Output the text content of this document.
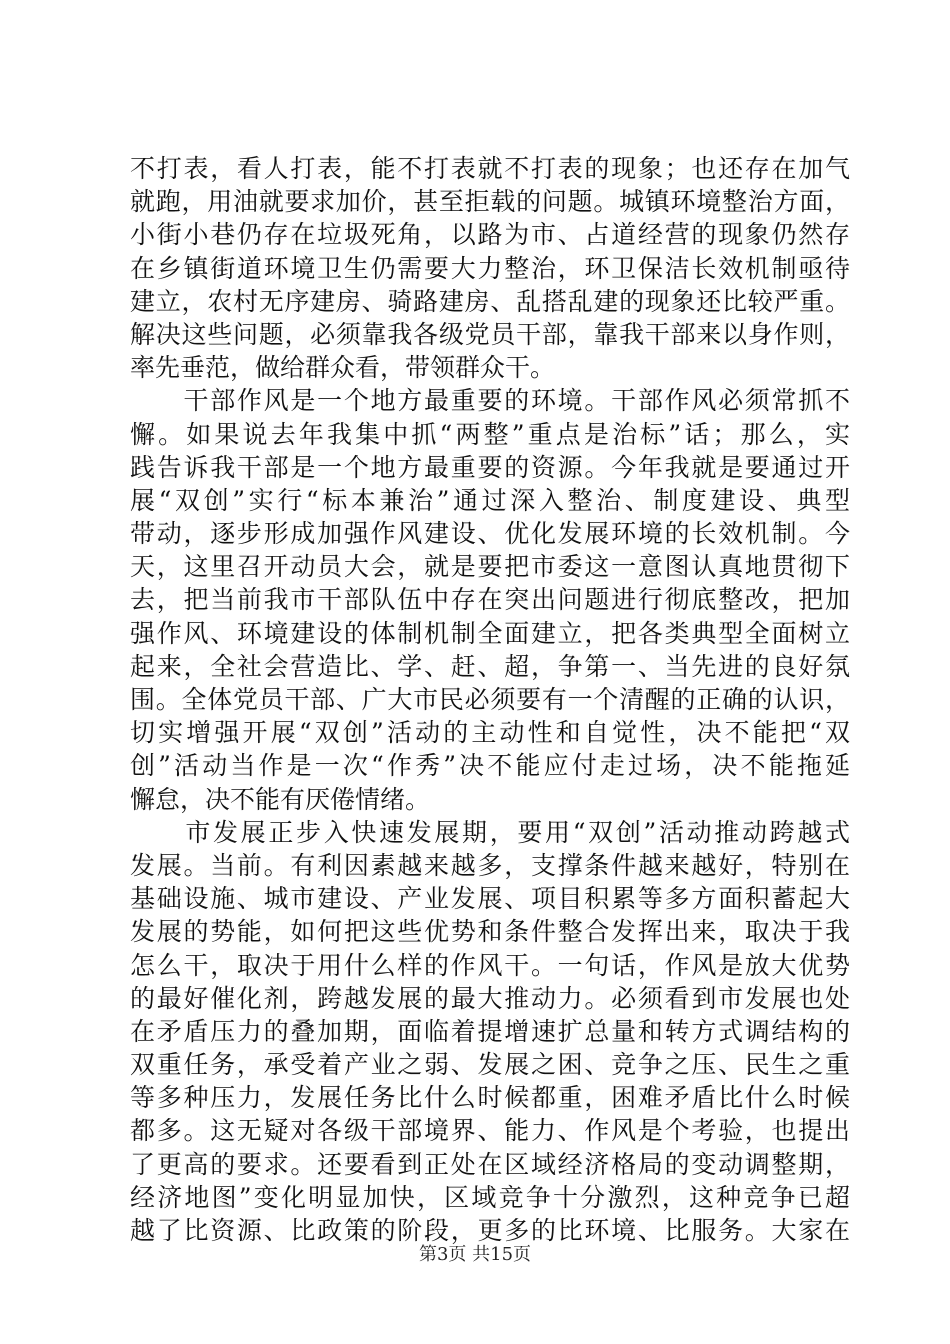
不打表，看人打表，能不打表就不打表的现象；也还存在加气
就跑，用油就要求加价，甚至拒载的问题。城镇环境整治方面，
小街小巷仍存在垃圾死角，以路为市、占道经营的现象仍然存
在乡镇街道环境卫生仍需要大力整治，环卫保洁长效机制亟待
建立，农村无序建房、骑路建房、乱搭乱建的现象还比较严重。
解决这些问题，必须靠我各级党员干部，靠我干部来以身作则，
率先垂范，做给群众看，带领群众干。
　　干部作风是一个地方最重要的环境。干部作风必须常抓不
懈。如果说去年我集中抓“两整”重点是治标”话；那么，实
践告诉我干部是一个地方最重要的资源。今年我就是要通过开
展“双创”实行“标本兼治”通过深入整治、制度建设、典型
带动，逐步形成加强作风建设、优化发展环境的长效机制。今
天，这里召开动员大会，就是要把市委这一意图认真地贯彻下
去，把当前我市干部队伍中存在突出问题进行彻底整改，把加
强作风、环境建设的体制机制全面建立，把各类典型全面树立
起来，全社会营造比、学、赶、超，争第一、当先进的良好氛
围。全体党员干部、广大市民必须要有一个清醒的正确的认识，
切实增强开展“双创”活动的主动性和自觉性，决不能把“双
创”活动当作是一次“作秀”决不能应付走过场，决不能拖延
懈怠，决不能有厌倦情绪。
　　市发展正步入快速发展期，要用“双创”活动推动跨越式
发展。当前。有利因素越来越多，支撑条件越来越好，特别在
基础设施、城市建设、产业发展、项目积累等多方面积蓄起大
发展的势能，如何把这些优势和条件整合发挥出来，取决于我
怎么干，取决于用什么样的作风干。一句话，作风是放大优势
的最好催化剂，跨越发展的最大推动力。必须看到市发展也处
在矛盾压力的叠加期，面临着提增速扩总量和转方式调结构的
双重任务，承受着产业之弱、发展之困、竞争之压、民生之重
等多种压力，发展任务比什么时候都重，困难矛盾比什么时候
都多。这无疑对各级干部境界、能力、作风是个考验，也提出
了更高的要求。还要看到正处在区域经济格局的变动调整期，
经济地图”变化明显加快，区域竞争十分激烈，这种竞争已超
越了比资源、比政策的阶段，更多的比环境、比服务。大家在
第3页 共15页
